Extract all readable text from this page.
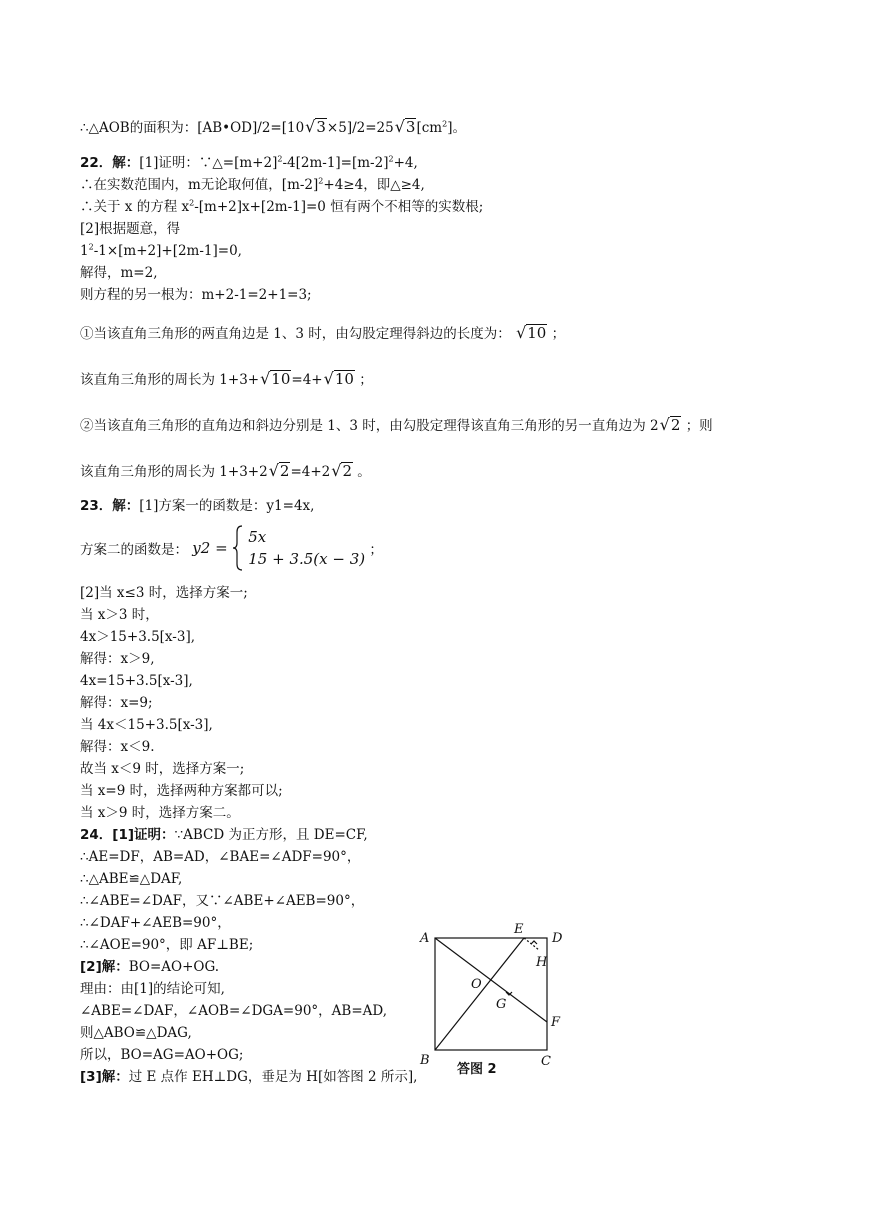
∴△AOB的面积为：[AB•OD]/2=[10 √ 3×5]/2=25 √ $3[cm^2]$。
22．解：[1]证明：$\because\triangle=[m+2]^2-4[2m-1]=[m-2]^2+4$,
∴在实数范围内，m无论取何值，$[m-2]^2+4\ge 4$，即△≥4,
∴关于 x 的方程 $x^2-[m+2]x+[2m-1]=0$ 恒有两个不相等的实数根;
[2]根据题意，得
$1^2-1\times[m+2]+[2m-1]=0$,
解得，m=2,
则方程的另一根为：m+2-1=2+1=3;
①当该直角三角形的两直角边是 1、3 时，由勾股定理得斜边的长度为： √ 10 ；
该直角三角形的周长为 1+3+ √ 10=4+ √ 10 ；
②当该直角三角形的直角边和斜边分别是 1、3 时，由勾股定理得该直角三角形的另一直角边为 2 √ 2 ；则
该直角三角形的周长为 1+3+2 √ 2=4+2 √ 2 。
23．解：[1]方案一的函数是：y1=4x,
方案二的函数是： y2 =
5x
15 + 3.5(x − 3) ；
[2]当 x≤3 时，选择方案一;
当 x＞3 时，
4x＞15+3.5[x-3],
解得：x＞9,
4x=15+3.5[x-3],
解得：x=9;
当 4x＜15+3.5[x-3],
解得：x＜9.
故当 x＜9 时，选择方案一;
当 x=9 时，选择两种方案都可以;
当 x＞9 时，选择方案二。
24．[1]证明：∵ABCD 为正方形，且 DE=CF,
∴AE=DF，AB=AD，∠BAE=∠ADF=90°，
∴△ABE≌△DAF,
∴∠ABE=∠DAF，又∵∠ABE+∠AEB=90°，
∴∠DAF+∠AEB=90°，
∴∠AOE=90°，即 AF⊥BE;
[2]解：BO=AO+OG.
理由：由[1]的结论可知,
∠ABE=∠DAF，∠AOB=∠DGA=90°，AB=AD,
则△ABO≌△DAG,
所以，BO=AG=AO+OG;
[3]解：过 E 点作 EH⊥DG，垂足为 H[如答图 2 所示],
A
B	C
D
E
F
G
H
O
答图 2
